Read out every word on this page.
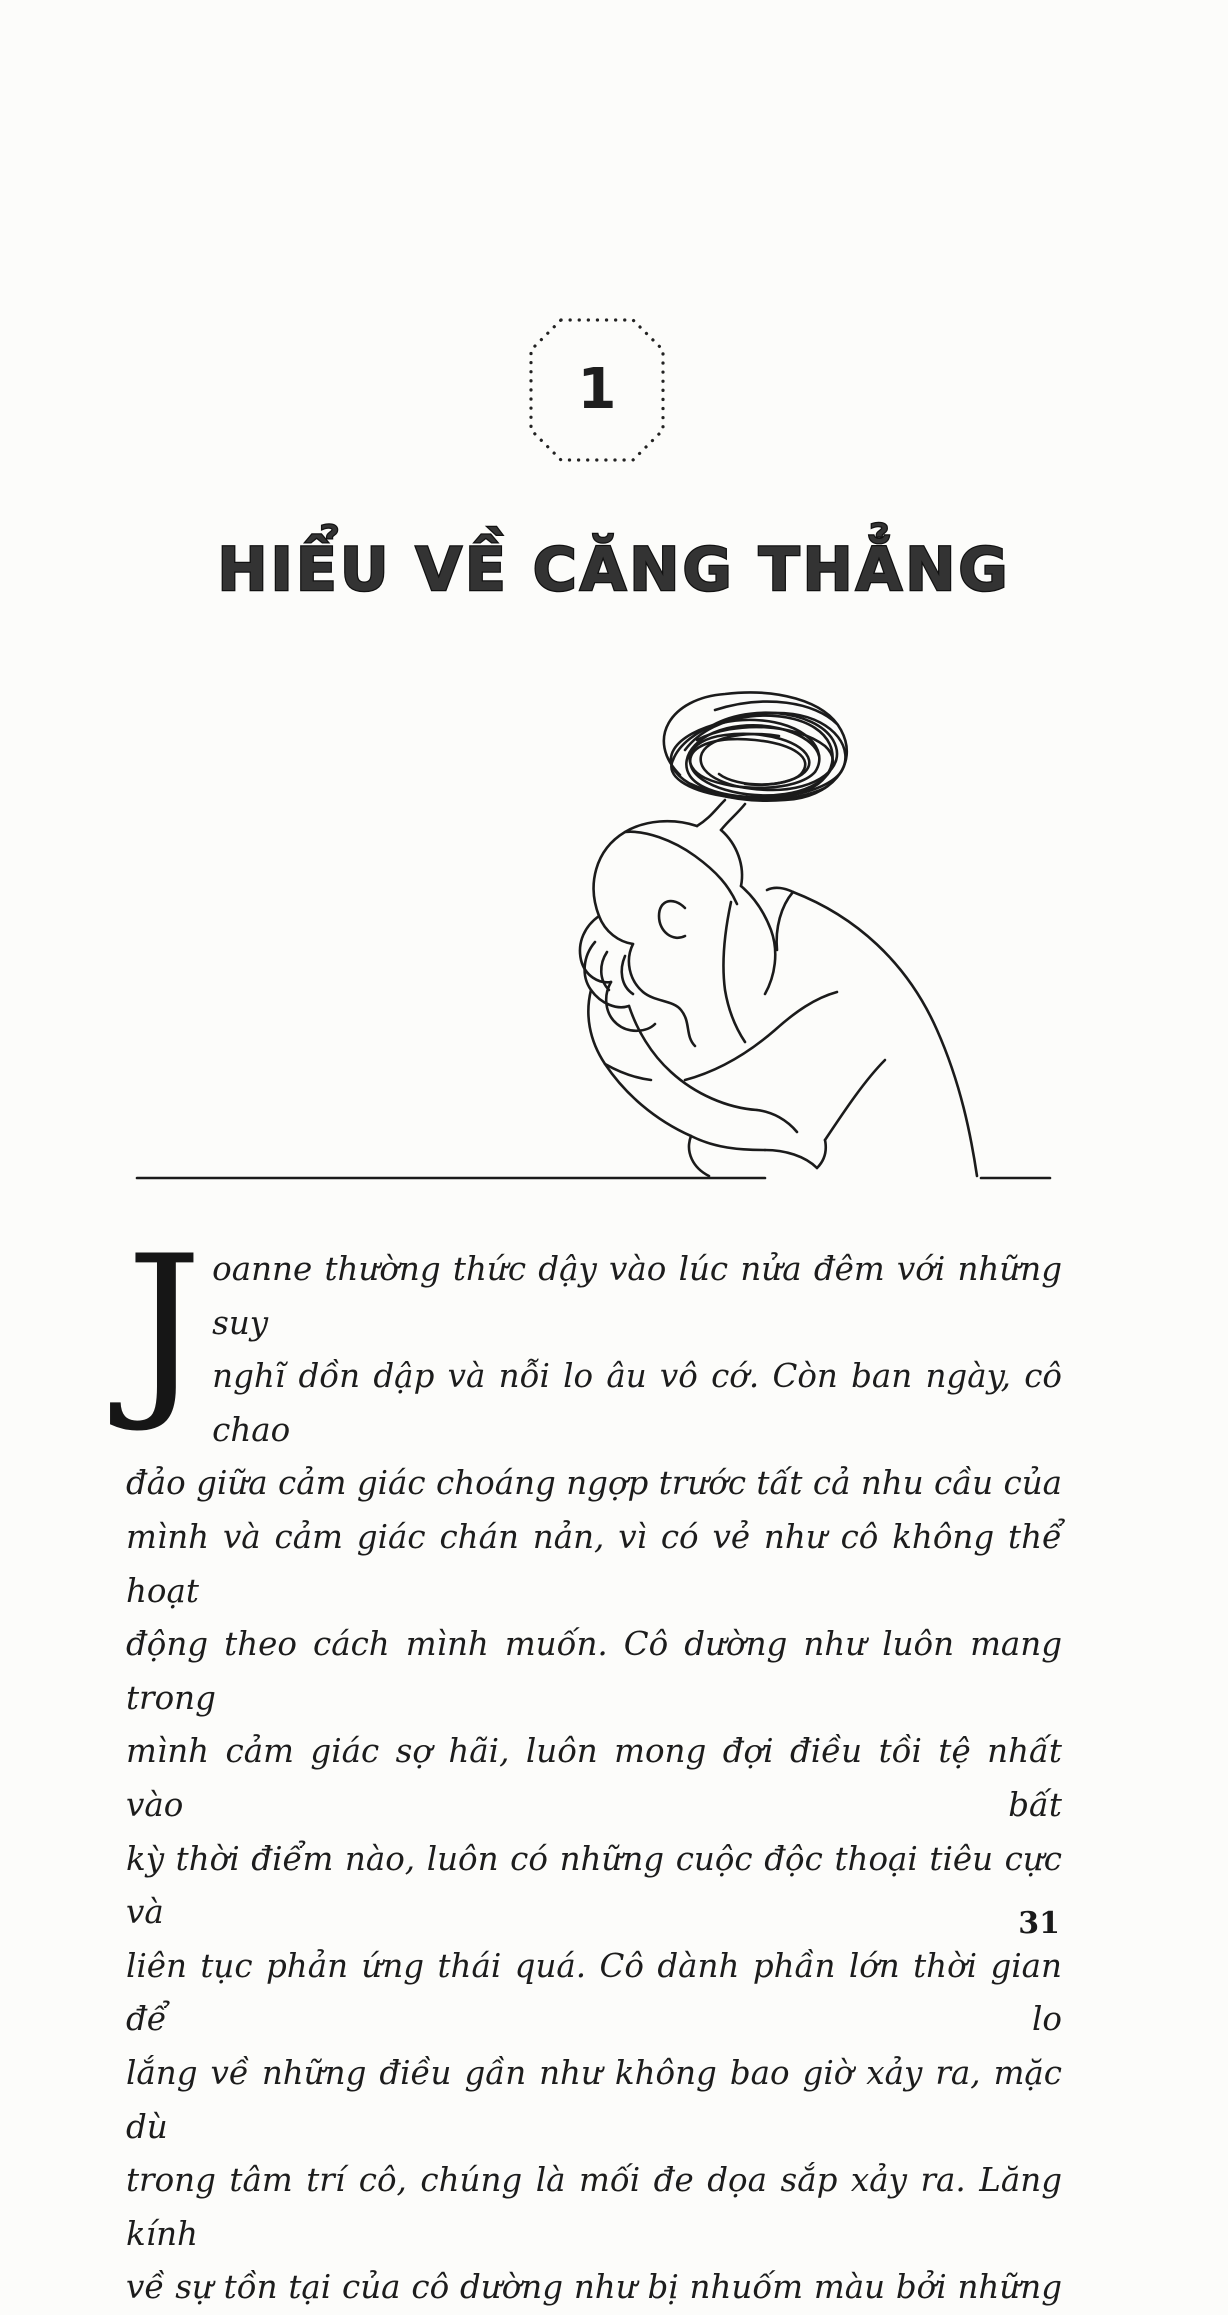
1
HIỂU VỀ CĂNG THẲNG
J oanne thường thức dậy vào lúc nửa đêm với những suy
nghĩ dồn dập và nỗi lo âu vô cớ. Còn ban ngày, cô chao
đảo giữa cảm giác choáng ngợp trước tất cả nhu cầu của
mình và cảm giác chán nản, vì có vẻ như cô không thể hoạt
động theo cách mình muốn. Cô dường như luôn mang trong
mình cảm giác sợ hãi, luôn mong đợi điều tồi tệ nhất vào bất
kỳ thời điểm nào, luôn có những cuộc độc thoại tiêu cực và
liên tục phản ứng thái quá. Cô dành phần lớn thời gian để lo
lắng về những điều gần như không bao giờ xảy ra, mặc dù
trong tâm trí cô, chúng là mối đe dọa sắp xảy ra. Lăng kính
về sự tồn tại của cô dường như bị nhuốm màu bởi những
31
